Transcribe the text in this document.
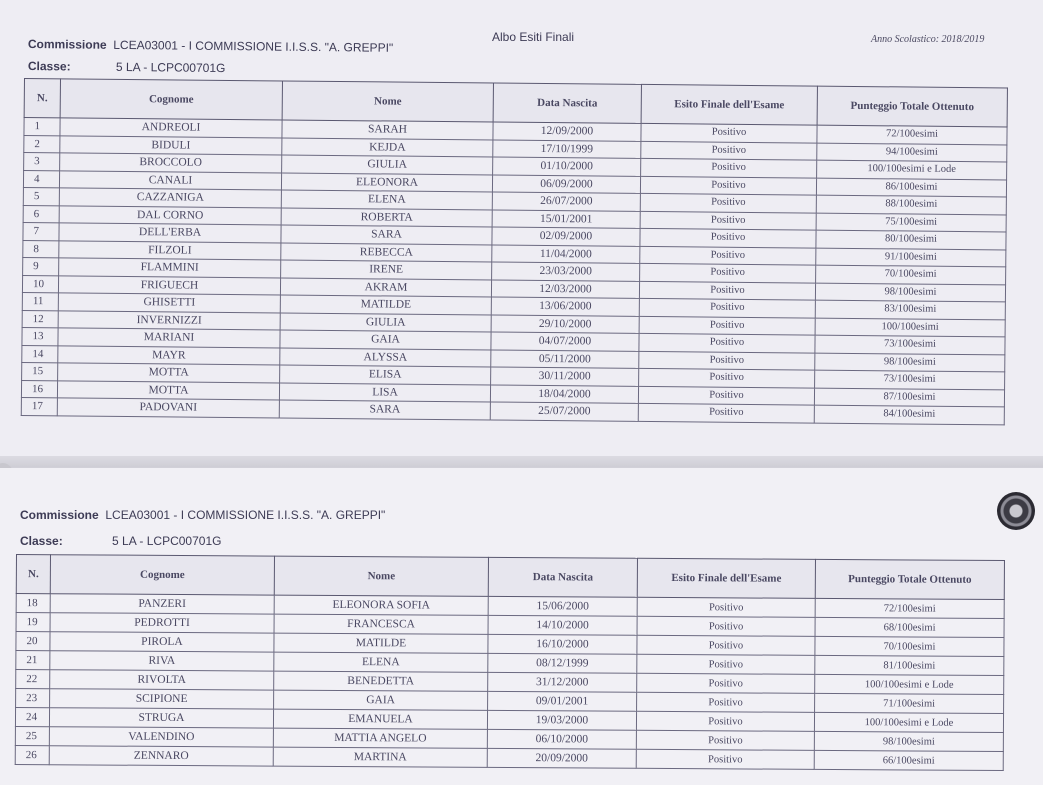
Albo Esiti Finali	Anno Scolastico: 2018/2019
Commissione LCEA03001 - I COMMISSIONE I.I.S.S. "A. GREPPI"
Classe:	5 LA - LCPC00701G
N.	Cognome	Nome	Data Nascita	Esito Finale dell'Esame	Punteggio Totale Ottenuto
1	ANDREOLI	SARAH	12/09/2000	Positivo	72/100esimi
2	BIDULI	KEJDA	17/10/1999	Positivo	94/100esimi
3	BROCCOLO	GIULIA	01/10/2000	Positivo	100/100esimi e Lode
4	CANALI	ELEONORA	06/09/2000	Positivo	86/100esimi
5	CAZZANIGA	ELENA	26/07/2000	Positivo	88/100esimi
6	DAL CORNO	ROBERTA	15/01/2001	Positivo	75/100esimi
7	DELL'ERBA	SARA	02/09/2000	Positivo	80/100esimi
8	FILZOLI	REBECCA	11/04/2000	Positivo	91/100esimi
9	FLAMMINI	IRENE	23/03/2000	Positivo	70/100esimi
10	FRIGUECH	AKRAM	12/03/2000	Positivo	98/100esimi
11	GHISETTI	MATILDE	13/06/2000	Positivo	83/100esimi
12	INVERNIZZI	GIULIA	29/10/2000	Positivo	100/100esimi
13	MARIANI	GAIA	04/07/2000	Positivo	73/100esimi
14	MAYR	ALYSSA	05/11/2000	Positivo	98/100esimi
15	MOTTA	ELISA	30/11/2000	Positivo	73/100esimi
16	MOTTA	LISA	18/04/2000	Positivo	87/100esimi
17	PADOVANI	SARA	25/07/2000	Positivo	84/100esimi
Commissione LCEA03001 - I COMMISSIONE I.I.S.S. "A. GREPPI"
Classe:	5 LA - LCPC00701G
N.	Cognome	Nome	Data Nascita	Esito Finale dell'Esame	Punteggio Totale Ottenuto
18	PANZERI	ELEONORA SOFIA	15/06/2000	Positivo	72/100esimi
19	PEDROTTI	FRANCESCA	14/10/2000	Positivo	68/100esimi
20	PIROLA	MATILDE	16/10/2000	Positivo	70/100esimi
21	RIVA	ELENA	08/12/1999	Positivo	81/100esimi
22	RIVOLTA	BENEDETTA	31/12/2000	Positivo	100/100esimi e Lode
23	SCIPIONE	GAIA	09/01/2001	Positivo	71/100esimi
24	STRUGA	EMANUELA	19/03/2000	Positivo	100/100esimi e Lode
25	VALENDINO	MATTIA ANGELO	06/10/2000	Positivo	98/100esimi
26	ZENNARO	MARTINA	20/09/2000	Positivo	66/100esimi
